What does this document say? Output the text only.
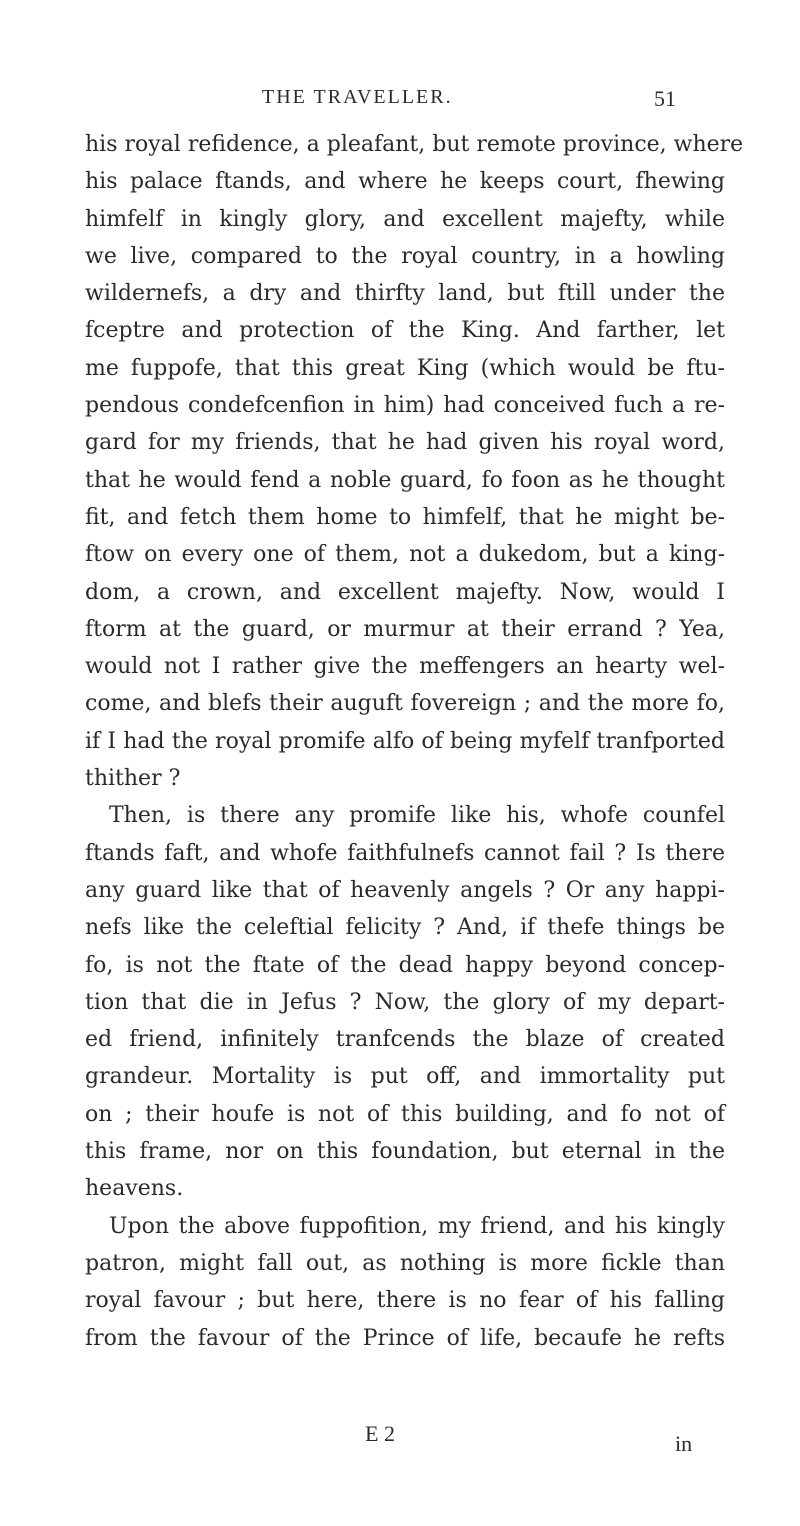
THE TRAVELLER.	51
his royal refidence, a pleafant, but remote province, where
his palace ftands, and where he keeps court, fhewing
himfelf in kingly glory, and excellent majefty, while
we live, compared to the royal country, in a howling
wildernefs, a dry and thirfty land, but ftill under the
fceptre and protection of the King. And farther, let
me fuppofe, that this great King (which would be ftu-
pendous condefcenfion in him) had conceived fuch a re-
gard for my friends, that he had given his royal word,
that he would fend a noble guard, fo foon as he thought
fit, and fetch them home to himfelf, that he might be-
ftow on every one of them, not a dukedom, but a king-
dom, a crown, and excellent majefty. Now, would I
ftorm at the guard, or murmur at their errand ? Yea,
would not I rather give the meffengers an hearty wel-
come, and blefs their auguft fovereign ; and the more fo,
if I had the royal promife alfo of being myfelf tranfported
thither ?
Then, is there any promife like his, whofe counfel
ftands faft, and whofe faithfulnefs cannot fail ? Is there
any guard like that of heavenly angels ? Or any happi-
nefs like the celeftial felicity ? And, if thefe things be
fo, is not the ftate of the dead happy beyond concep-
tion that die in Jefus ? Now, the glory of my depart-
ed friend, infinitely tranfcends the blaze of created
grandeur. Mortality is put off, and immortality put
on ; their houfe is not of this building, and fo not of
this frame, nor on this foundation, but eternal in the
heavens.
Upon the above fuppofition, my friend, and his kingly
patron, might fall out, as nothing is more fickle than
royal favour ; but here, there is no fear of his falling
from the favour of the Prince of life, becaufe he refts
E 2	in
